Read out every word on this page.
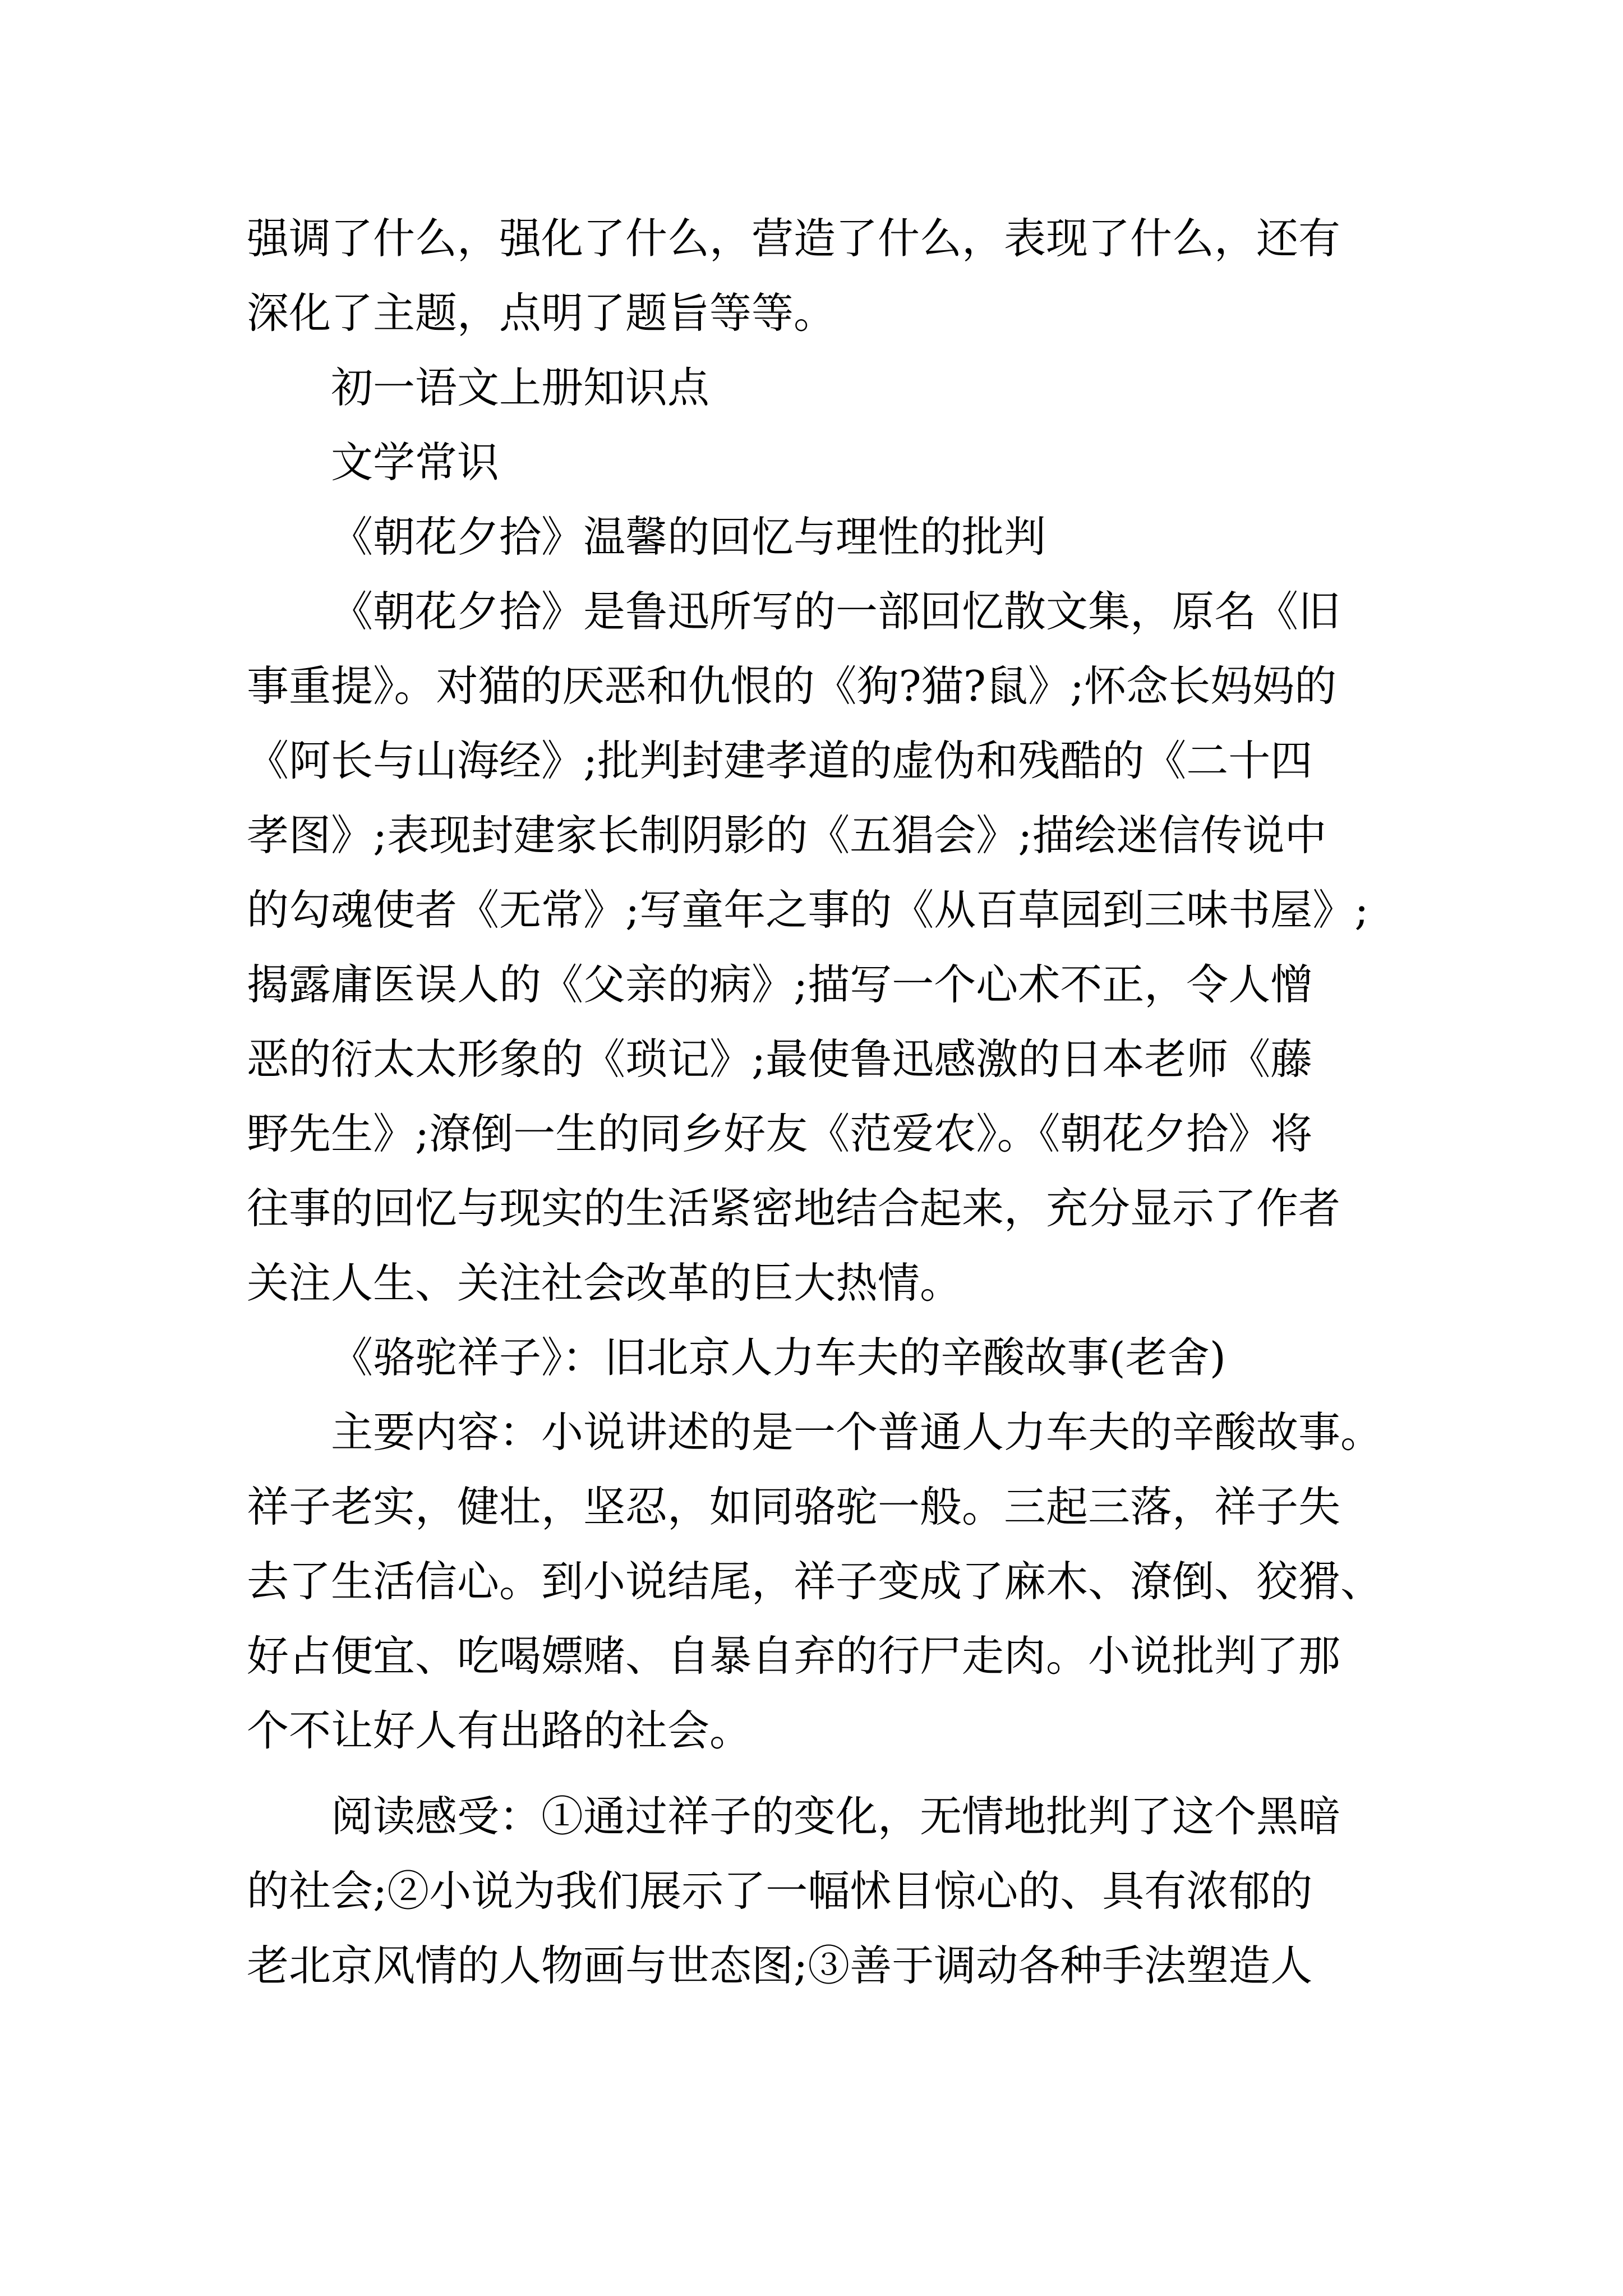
强调了什么，强化了什么，营造了什么，表现了什么，还有
深化了主题，点明了题旨等等。
初一语文上册知识点
文学常识
《朝花夕拾》温馨的回忆与理性的批判
《朝花夕拾》是鲁迅所写的一部回忆散文集，原名《旧
事重提》。对猫的厌恶和仇恨的《狗?猫?鼠》;怀念长妈妈的
《阿长与山海经》;批判封建孝道的虚伪和残酷的《二十四
孝图》;表现封建家长制阴影的《五猖会》;描绘迷信传说中
的勾魂使者《无常》;写童年之事的《从百草园到三味书屋》;
揭露庸医误人的《父亲的病》;描写一个心术不正，令人憎
恶的衍太太形象的《琐记》;最使鲁迅感激的日本老师《藤
野先生》;潦倒一生的同乡好友《范爱农》。《朝花夕拾》将
往事的回忆与现实的生活紧密地结合起来，充分显示了作者
关注人生、关注社会改革的巨大热情。
《骆驼祥子》：旧北京人力车夫的辛酸故事(老舍)
主要内容：小说讲述的是一个普通人力车夫的辛酸故事。
祥子老实，健壮，坚忍，如同骆驼一般。三起三落，祥子失
去了生活信心。到小说结尾，祥子变成了麻木、潦倒、狡猾、
好占便宜、吃喝嫖赌、自暴自弃的行尸走肉。小说批判了那
个不让好人有出路的社会。
阅读感受：①通过祥子的变化，无情地批判了这个黑暗
的社会;②小说为我们展示了一幅怵目惊心的、具有浓郁的
老北京风情的人物画与世态图;③善于调动各种手法塑造人
